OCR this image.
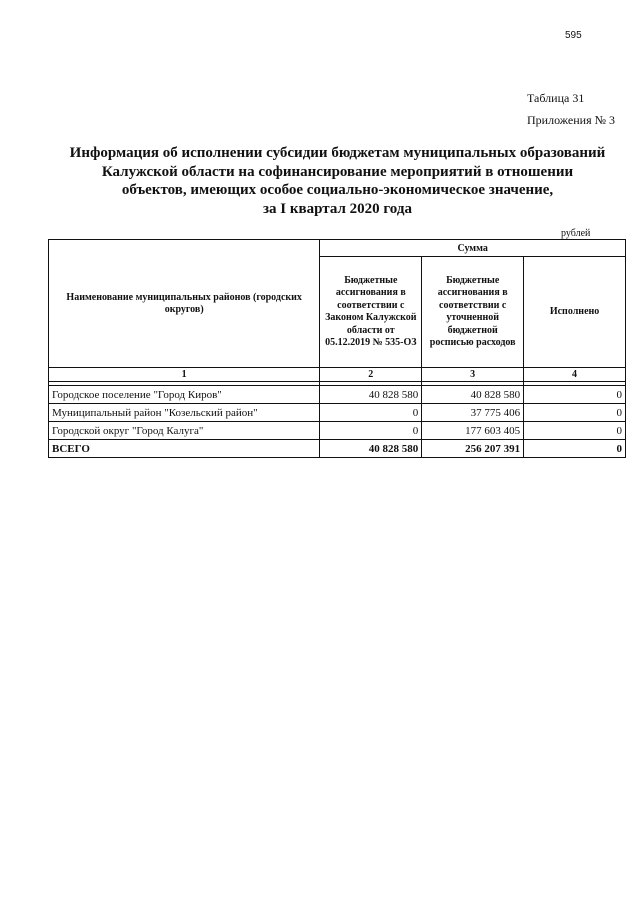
595
Таблица 31
Приложения № 3
Информация об исполнении субсидии бюджетам муниципальных образований
Калужской области на софинансирование мероприятий в отношении
объектов, имеющих особое социально-экономическое значение,
за I квартал 2020 года
рублей
Наименование муниципальных районов (городских округов)	Сумма		
	Бюджетные ассигнования в соответствии с Законом Калужской области от 05.12.2019 № 535-ОЗ	Бюджетные ассигнования в соответствии с уточненной бюджетной росписью расходов	Исполнено
1	2	3	4

Городское поселение "Город Киров"	40 828 580	40 828 580	0
Муниципальный район "Козельский район"	0	37 775 406	0
Городской округ "Город Калуга"	0	177 603 405	0
ВСЕГО	40 828 580	256 207 391	0
